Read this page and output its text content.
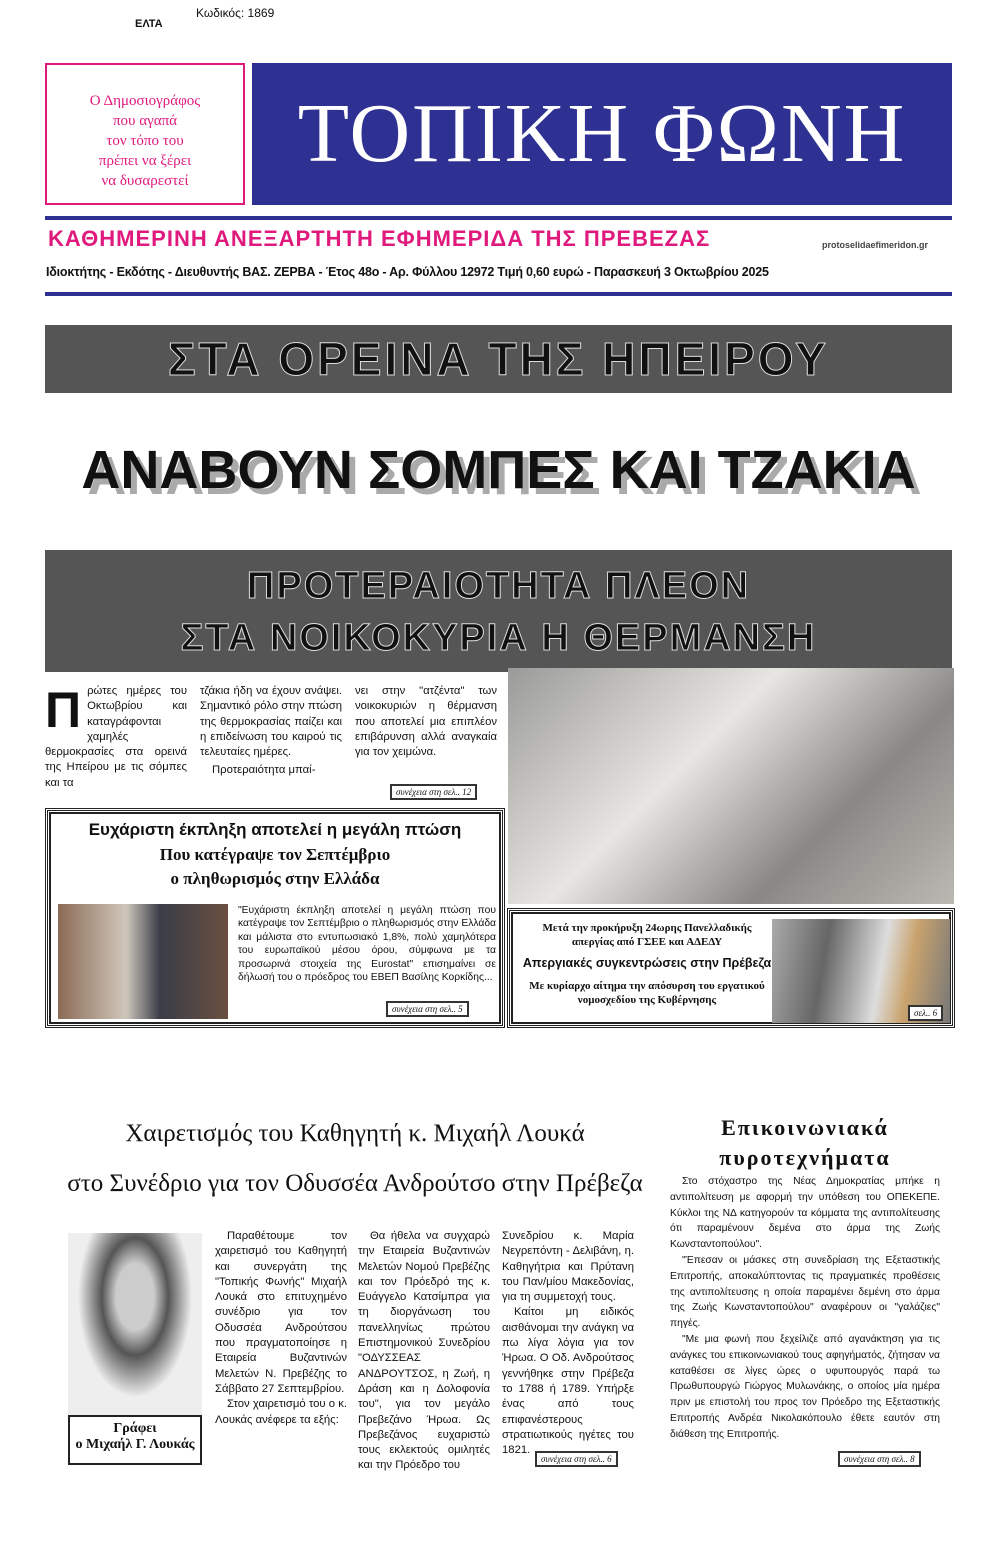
ΕΛΤΑ
Κωδικός: 1869
Ο Δημοσιογράφος
που αγαπά
τον τόπο του
πρέπει να ξέρει
να δυσαρεστεί
ΤΟΠΙΚΗ ΦΩΝΗ
ΚΑΘΗΜΕΡΙΝΗ ΑΝΕΞΑΡΤΗΤΗ ΕΦΗΜΕΡΙΔΑ ΤΗΣ ΠΡΕΒΕΖΑΣ	protoselidaefimeridon.gr
Ιδιοκτήτης - Εκδότης - Διευθυντής ΒΑΣ. ΖΕΡΒΑ - Έτος 48ο - Αρ. Φύλλου 12972 Τιμή 0,60 ευρώ - Παρασκευή 3 Οκτωβρίου 2025
ΣΤΑ ΟΡΕΙΝΑ ΤΗΣ ΗΠΕΙΡΟΥ
ΑΝΑΒΟΥΝ ΣΟΜΠΕΣ ΚΑΙ ΤΖΑΚΙΑ
ΠΡΟΤΕΡΑΙΟΤΗΤΑ ΠΛΕΟΝ
ΣΤΑ ΝΟΙΚΟΚΥΡΙΑ Η ΘΕΡΜΑΝΣΗ
Πρώτες ημέρες του Οκτωβρίου και καταγράφονται χαμηλές θερμοκρασίες στα ορεινά της Ηπείρου με τις σόμπες και τα
τζάκια ήδη να έχουν ανάψει. Σημαντικό ρόλο στην πτώση της θερμοκρασίας παίζει και η επιδείνωση του καιρού τις τελευταίες ημέρες.
Προτεραιότητα μπαί-
νει στην "ατζέντα" των νοικοκυριών η θέρμανση που αποτελεί μια επιπλέον επιβάρυνση αλλά αναγκαία για τον χειμώνα.
συνέχεια στη σελ.. 12
Ευχάριστη έκπληξη αποτελεί η μεγάλη πτώση
Που κατέγραψε τον Σεπτέμβριο
ο πληθωρισμός στην Ελλάδα
"Ευχάριστη έκπληξη αποτελεί η μεγάλη πτώση που κατέγραψε τον Σεπτέμβριο ο πληθωρισμός στην Ελλάδα και μάλιστα στο εντυπωσιακό 1,8%, πολύ χαμηλότερα του ευρωπαϊκού μέσου όρου, σύμφωνα με τα προσωρινά στοιχεία της Eurostat" επισημαίνει σε δήλωσή του ο πρόεδρος του ΕΒΕΠ Βασίλης Κορκίδης...
συνέχεια στη σελ.. 5
Μετά την προκήρυξη 24ωρης Πανελλαδικής απεργίας από ΓΣΕΕ και ΑΔΕΔΥ
Απεργιακές συγκεντρώσεις στην Πρέβεζα
Με κυρίαρχο αίτημα την απόσυρση του εργατικού νομοσχεδίου της Κυβέρνησης
σελ.. 6
Χαιρετισμός του Καθηγητή κ. Μιχαήλ Λουκά
στο Συνέδριο για τον Οδυσσέα Ανδρούτσο στην Πρέβεζα
Γράφει
ο Μιχαήλ Γ. Λουκάς
Παραθέτουμε τον χαιρετισμό του Καθηγητή και συνεργάτη της "Τοπικής Φωνής" Μιχαήλ Λουκά στο επιτυχημένο συνέδριο για τον Οδυσσέα Ανδρούτσου που πραγματοποίησε η Εταιρεία Βυζαντινών Μελετών Ν. Πρεβέζης το Σάββατο 27 Σεπτεμβρίου.
Στον χαιρετισμό του ο κ. Λουκάς ανέφερε τα εξής:
Θα ήθελα να συγχαρώ την Εταιρεία Βυζαντινών Μελετών Νομού Πρεβέζης και τον Πρόεδρό της κ. Ευάγγελο Κατσίμπρα για τη διοργάνωση του πανελληνίως πρώτου Επιστημονικού Συνεδρίου "ΟΔΥΣΣΕΑΣ ΑΝΔΡΟΥΤΣΟΣ, η Ζωή, η Δράση και η Δολοφονία του", για τον μεγάλο Πρεβεζάνο Ήρωα. Ως Πρεβεζάνος ευχαριστώ τους εκλεκτούς ομιλητές και την Πρόεδρο του
Συνεδρίου κ. Μαρία Νεγρεπόντη - Δελιβάνη, η. Καθηγήτρια και Πρύτανη του Παν/μίου Μακεδονίας, για τη συμμετοχή τους.
Καίτοι μη ειδικός αισθάνομαι την ανάγκη να πω λίγα λόγια για τον Ήρωα. Ο Οδ. Ανδρούτσος γεννήθηκε στην Πρέβεζα το 1788 ή 1789. Υπήρξε ένας από τους επιφανέστερους στρατιωτικούς ηγέτες του 1821.
συνέχεια στη σελ.. 6
Επικοινωνιακά
πυροτεχνήματα
Στο στόχαστρο της Νέας Δημοκρατίας μπήκε η αντιπολίτευση με αφορμή την υπόθεση του ΟΠΕΚΕΠΕ. Κύκλοι της ΝΔ κατηγορούν τα κόμματα της αντιπολίτευσης ότι παραμένουν δεμένα στο άρμα της Ζωής Κωνσταντοπούλου".
"Έπεσαν οι μάσκες στη συνεδρίαση της Εξεταστικής Επιτροπής, αποκαλύπτοντας τις πραγματικές προθέσεις της αντιπολίτευσης η οποία παραμένει δεμένη στο άρμα της Ζωής Κωνσταντοπούλου" αναφέρουν οι "γαλάζιες" πηγές.
"Με μια φωνή που ξεχείλιζε από αγανάκτηση για τις ανάγκες του επικοινωνιακού τους αφηγήματός, ζήτησαν να καταθέσει σε λίγες ώρες ο υφυπουργός παρά τω Πρωθυπουργώ Γιώργος Μυλωνάκης, ο οποίος μία ημέρα πριν με επιστολή του προς τον Πρόεδρο της Εξεταστικής Επιτροπής Ανδρέα Νικολακόπουλο έθετε εαυτόν στη διάθεση της Επιτροπής.
συνέχεια στη σελ.. 8
